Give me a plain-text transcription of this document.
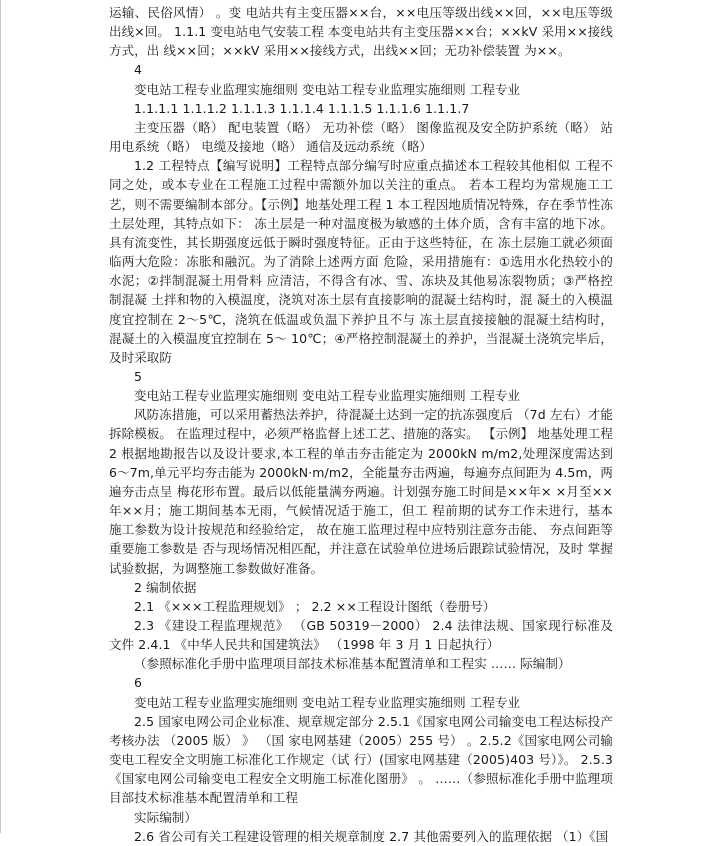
运输、民俗风情） 。变 电站共有主变压器××台，××电压等级出线××回，××电压等级 出线×回。 1.1.1 变电站电气安装工程 本变电站共有主变压器××台；××kV 采用××接线方式，出 线××回；××kV 采用××接线方式，出线××回；无功补偿装置 为××。

4

变电站工程专业监理实施细则 变电站工程专业监理实施细则 工程专业

1.1.1.1 1.1.1.2 1.1.1.3 1.1.1.4 1.1.1.5 1.1.1.6 1.1.1.7

主变压器（略） 配电装置（略） 无功补偿（略） 图像监视及安全防护系统（略） 站用电系统（略） 电缆及接地（略） 通信及远动系统（略）

1.2 工程特点【编写说明】工程特点部分编写时应重点描述本工程较其他相似 工程不同之处，或本专业在工程施工过程中需额外加以关注的重点。 若本工程均为常规施工工艺，则不需要编制本部分。【示例】地基处理工程 1 本工程因地质情况特殊，存在季节性冻土层处理，其特点如下： 冻土层是一种对温度极为敏感的土体介质，含有丰富的地下冰。 具有流变性，其长期强度远低于瞬时强度特征。正由于这些特征，在 冻土层施工就必须面临两大危险：冻胀和融沉。为了消除上述两方面 危险，采用措施有：①选用水化热较小的水泥；②拌制混凝土用骨料 应清洁，不得含有冰、雪、冻块及其他易冻裂物质；③严格控制混凝 土拌和物的入模温度，浇筑对冻土层有直接影响的混凝土结构时，混 凝土的入模温度宜控制在 2～5℃，浇筑在低温或负温下养护且不与 冻土层直接接触的混凝土结构时，混凝土的入模温度宜控制在 5～ 10℃；④严格控制混凝土的养护，当混凝土浇筑完毕后，及时采取防

5

变电站工程专业监理实施细则 变电站工程专业监理实施细则 工程专业

风防冻措施，可以采用蓄热法养护，待混凝土达到一定的抗冻强度后 （7d 左右）才能拆除模板。 在监理过程中，必须严格监督上述工艺、措施的落实。 【示例】 地基处理工程 2 根据地勘报告以及设计要求,本工程的单击夯击能定为 2000kN m/m2,处理深度需达到 6～7m,单元平均夯击能为 2000kN·m/m2，全能量夯击两遍，每遍夯点间距为 4.5m，两遍夯击点呈 梅花形布置。最后以低能量满夯两遍。计划强夯施工时间是××年× ×月至××年××月；施工期间基本无雨，气候情况适于施工，但工 程前期的试夯工作未进行，基本施工参数为设计按规范和经验给定， 故在施工监理过程中应特别注意夯击能、 夯点间距等重要施工参数是 否与现场情况相匹配，并注意在试验单位进场后跟踪试验情况，及时 掌握试验数据，为调整施工参数做好准备。

2 编制依据

2.1 《×××工程监理规划》 ； 2.2 ××工程设计图纸（卷册号）

2.3 《建设工程监理规范》 （GB 50319－2000） 2.4 法律法规、国家现行标准及文件 2.4.1 《中华人民共和国建筑法》 （1998 年 3 月 1 日起执行）

（参照标准化手册中监理项目部技术标准基本配置清单和工程实 …… 际编制）

6

变电站工程专业监理实施细则 变电站工程专业监理实施细则 工程专业

2.5 国家电网公司企业标准、规章规定部分 2.5.1《国家电网公司输变电工程达标投产考核办法 （2005 版） 》 （国 家电网基建（2005）255 号） 。2.5.2《国家电网公司输变电工程安全文明施工标准化工作规定（试 行）(国家电网基建（2005)403 号）》。 2.5.3《国家电网公司输变电工程安全文明施工标准化图册》 。 ……（参照标准化手册中监理项目部技术标准基本配置清单和工程

实际编制）

2.6 省公司有关工程建设管理的相关规章制度 2.7 其他需要列入的监理依据 （1）《国
